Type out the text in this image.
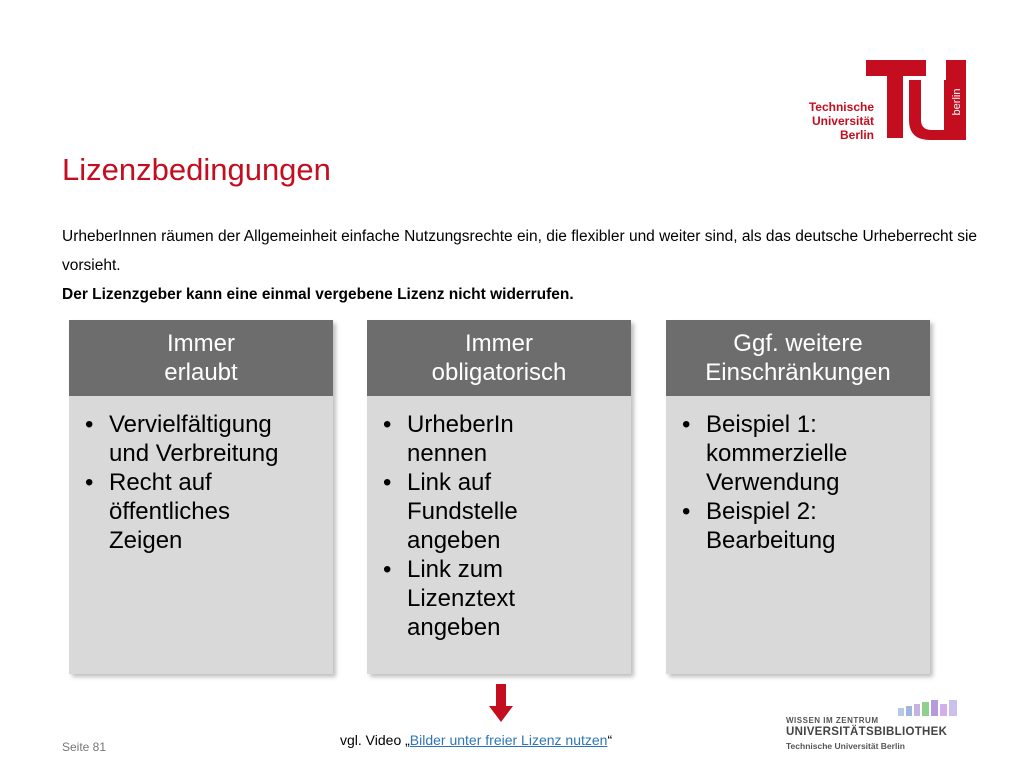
berlin
Technische
Universität
Berlin
Lizenzbedingungen
UrheberInnen räumen der Allgemeinheit einfache Nutzungsrechte ein, die flexibler und weiter sind, als das deutsche Urheberrecht sie vorsieht.
Der Lizenzgeber kann eine einmal vergebene Lizenz nicht widerrufen.
Immer
erlaubt
• Vervielfältigung
und Verbreitung
• Recht auf
öffentliches
Zeigen
Immer
obligatorisch
• UrheberIn
nennen
• Link auf
Fundstelle
angeben
• Link zum
Lizenztext
angeben
Ggf. weitere
Einschränkungen
• Beispiel 1:
kommerzielle
Verwendung
• Beispiel 2:
Bearbeitung
Seite 81	vgl. Video „Bilder unter freier Lizenz nutzen“
WISSEN IM ZENTRUM
UNIVERSITÄTSBIBLIOTHEK
Technische Universität Berlin
